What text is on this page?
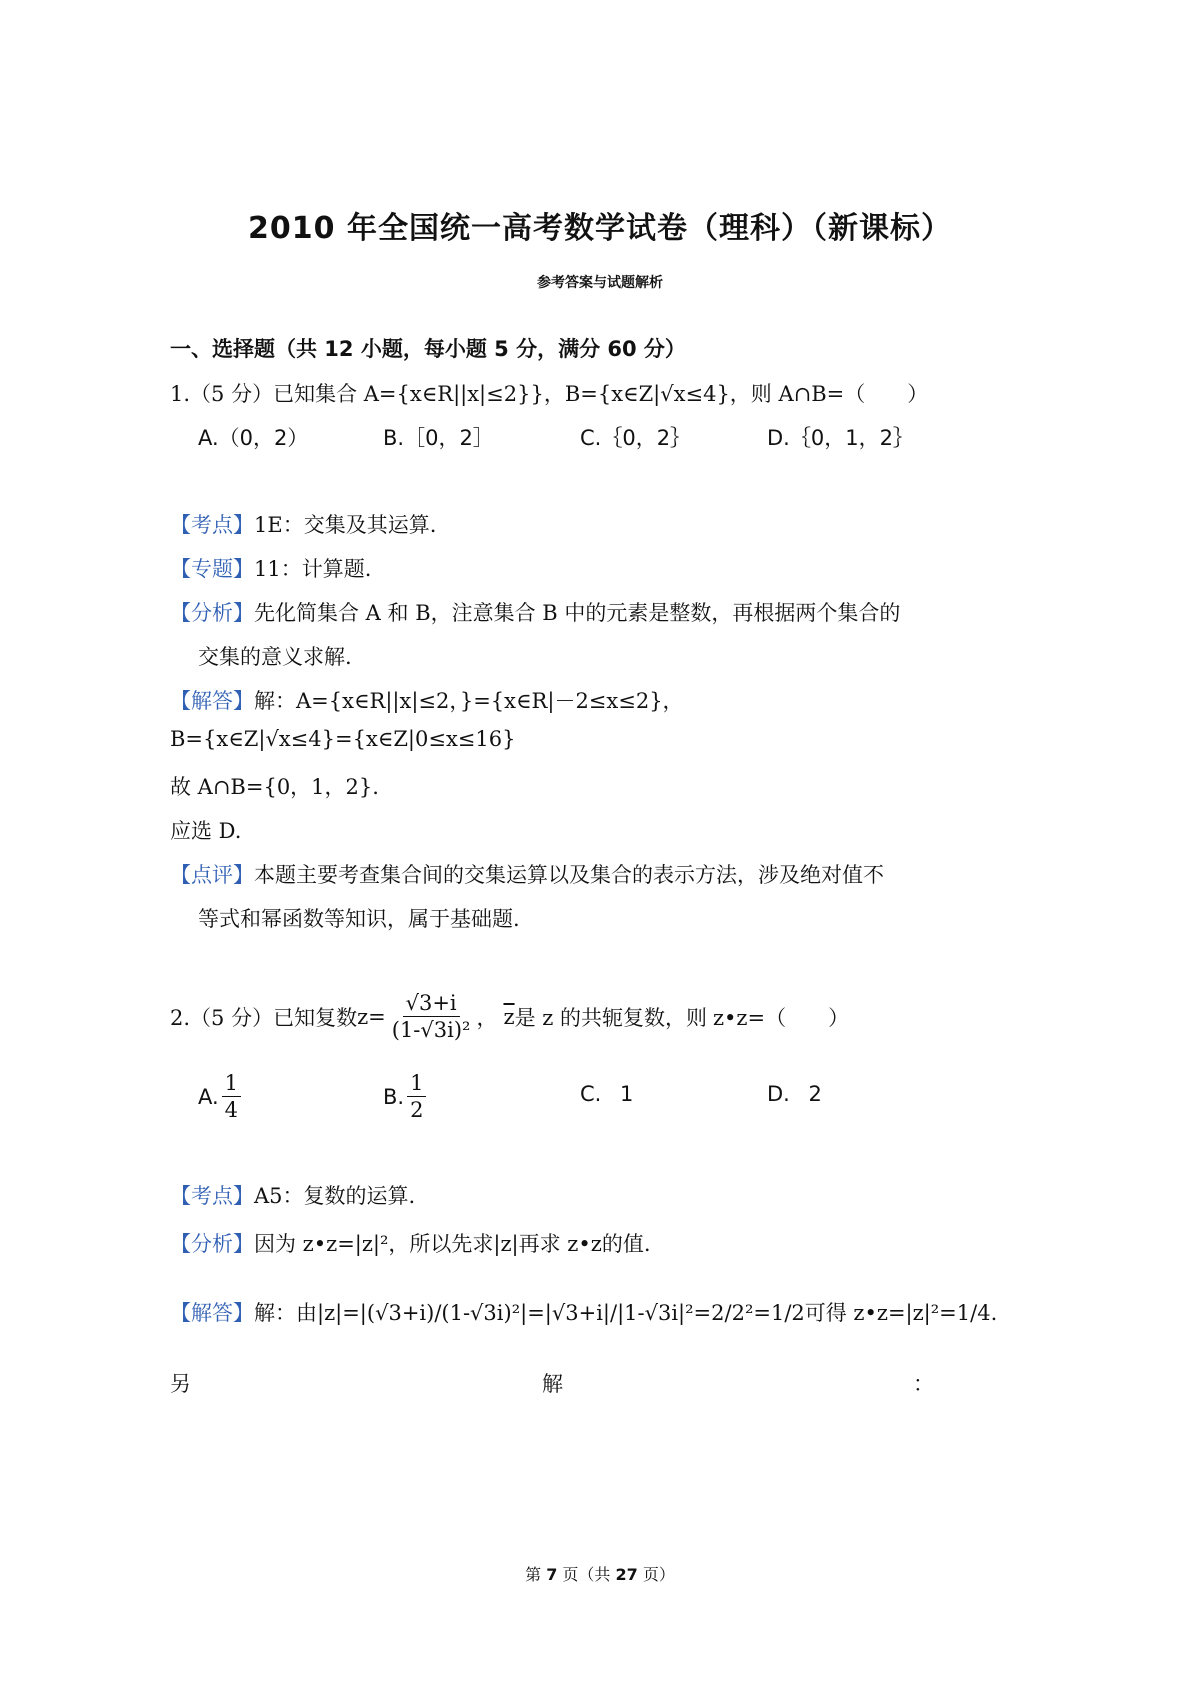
2010 年全国统一高考数学试卷（理科）（新课标）
参考答案与试题解析
一、选择题（共 12 小题，每小题 5 分，满分 60 分）
1.（5 分）已知集合 A={x∈R||x|≤2}}，B={x∈Z|√x≤4}，则 A∩B=（　　）
A.（0，2）	B.［0，2］	C.｛0，2｝	D.｛0，1，2｝
【考点】1E：交集及其运算.
【专题】11：计算题.
【分析】先化简集合 A 和 B，注意集合 B 中的元素是整数，再根据两个集合的
交集的意义求解.
【解答】解：A={x∈R||x|≤2，}={x∈R|－2≤x≤2}，
B={x∈Z|√x≤4}={x∈Z|0≤x≤16}
故 A∩B={0，1，2}.
应选 D.
【点评】本题主要考查集合间的交集运算以及集合的表示方法，涉及绝对值不
等式和幂函数等知识，属于基础题.
2.（5 分）已知复数 $z= \frac{√3+i}{\text{(1-√3i)²}}$ ， $\overline{z}$ 是 z 的共轭复数，则 z•z=（　　）
A. $\frac{1}{4}$	B. $\frac{1}{2}$	C. 1	D. 2
【考点】A5：复数的运算.
【分析】因为 z•z=|z|²，所以先求|z|再求 z•z的值.
【解答】解：由|z|=|(√3+i)/(1-√3i)²|=|√3+i|/|1-√3i|²=2/2²=1/2可得 z•z=|z|²=1/4.
另	解	：
第 7 页（共 27 页）
